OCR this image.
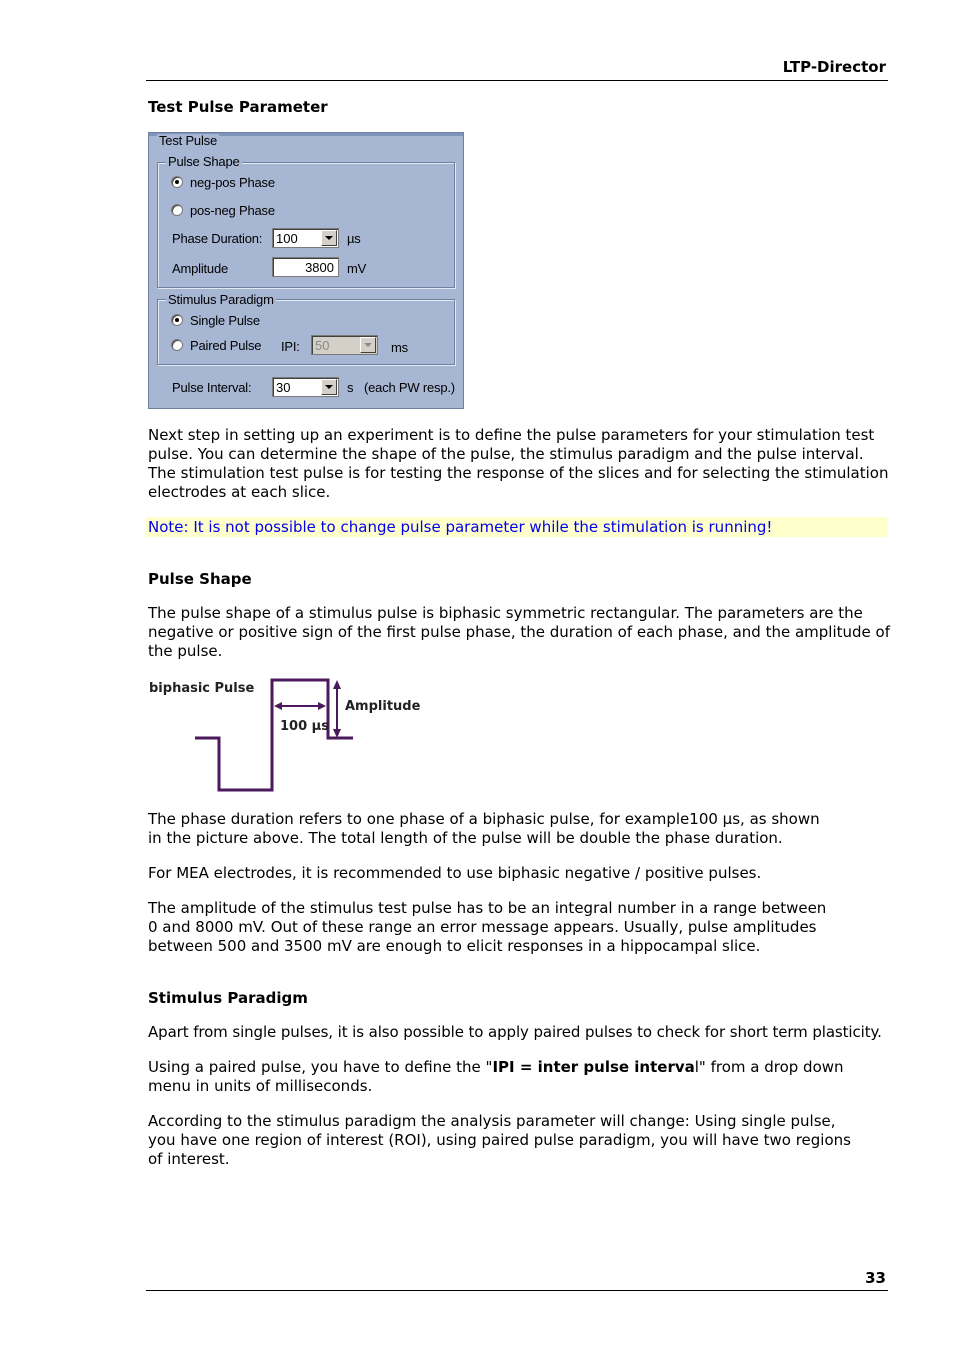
LTP-Director
Test Pulse Parameter
Test Pulse
Pulse Shape
neg-pos Phase
pos-neg Phase
Phase Duration: 100	µs
Amplitude	3800 mV
Stimulus Paradigm
Single Pulse
Paired Pulse IPI: 50	ms
Pulse Interval: 30	s (each PW resp.)

Next step in setting up an experiment is to define the pulse parameters for your stimulation test pulse. You can determine the shape of the pulse, the stimulus paradigm and the pulse interval. The stimulation test pulse is for testing the response of the slices and for selecting the stimulation electrodes at each slice.

Note: It is not possible to change pulse parameter while the stimulation is running!
Pulse Shape

The pulse shape of a stimulus pulse is biphasic symmetric rectangular. The parameters are the negative or positive sign of the first pulse phase, the duration of each phase, and the amplitude of the pulse.

biphasic Pulse
100 µs
Amplitude

The phase duration refers to one phase of a biphasic pulse, for example100 µs, as shown
in the picture above. The total length of the pulse will be double the phase duration.

For MEA electrodes, it is recommended to use biphasic negative / positive pulses.

The amplitude of the stimulus test pulse has to be an integral number in a range between
0 and 8000 mV. Out of these range an error message appears. Usually, pulse amplitudes
between 500 and 3500 mV are enough to elicit responses in a hippocampal slice.

Stimulus Paradigm

Apart from single pulses, it is also possible to apply paired pulses to check for short term plasticity.

Using a paired pulse, you have to define the "IPI = inter pulse interval" from a drop down
menu in units of milliseconds.

According to the stimulus paradigm the analysis parameter will change: Using single pulse,
you have one region of interest (ROI), using paired pulse paradigm, you will have two regions
of interest.

33
